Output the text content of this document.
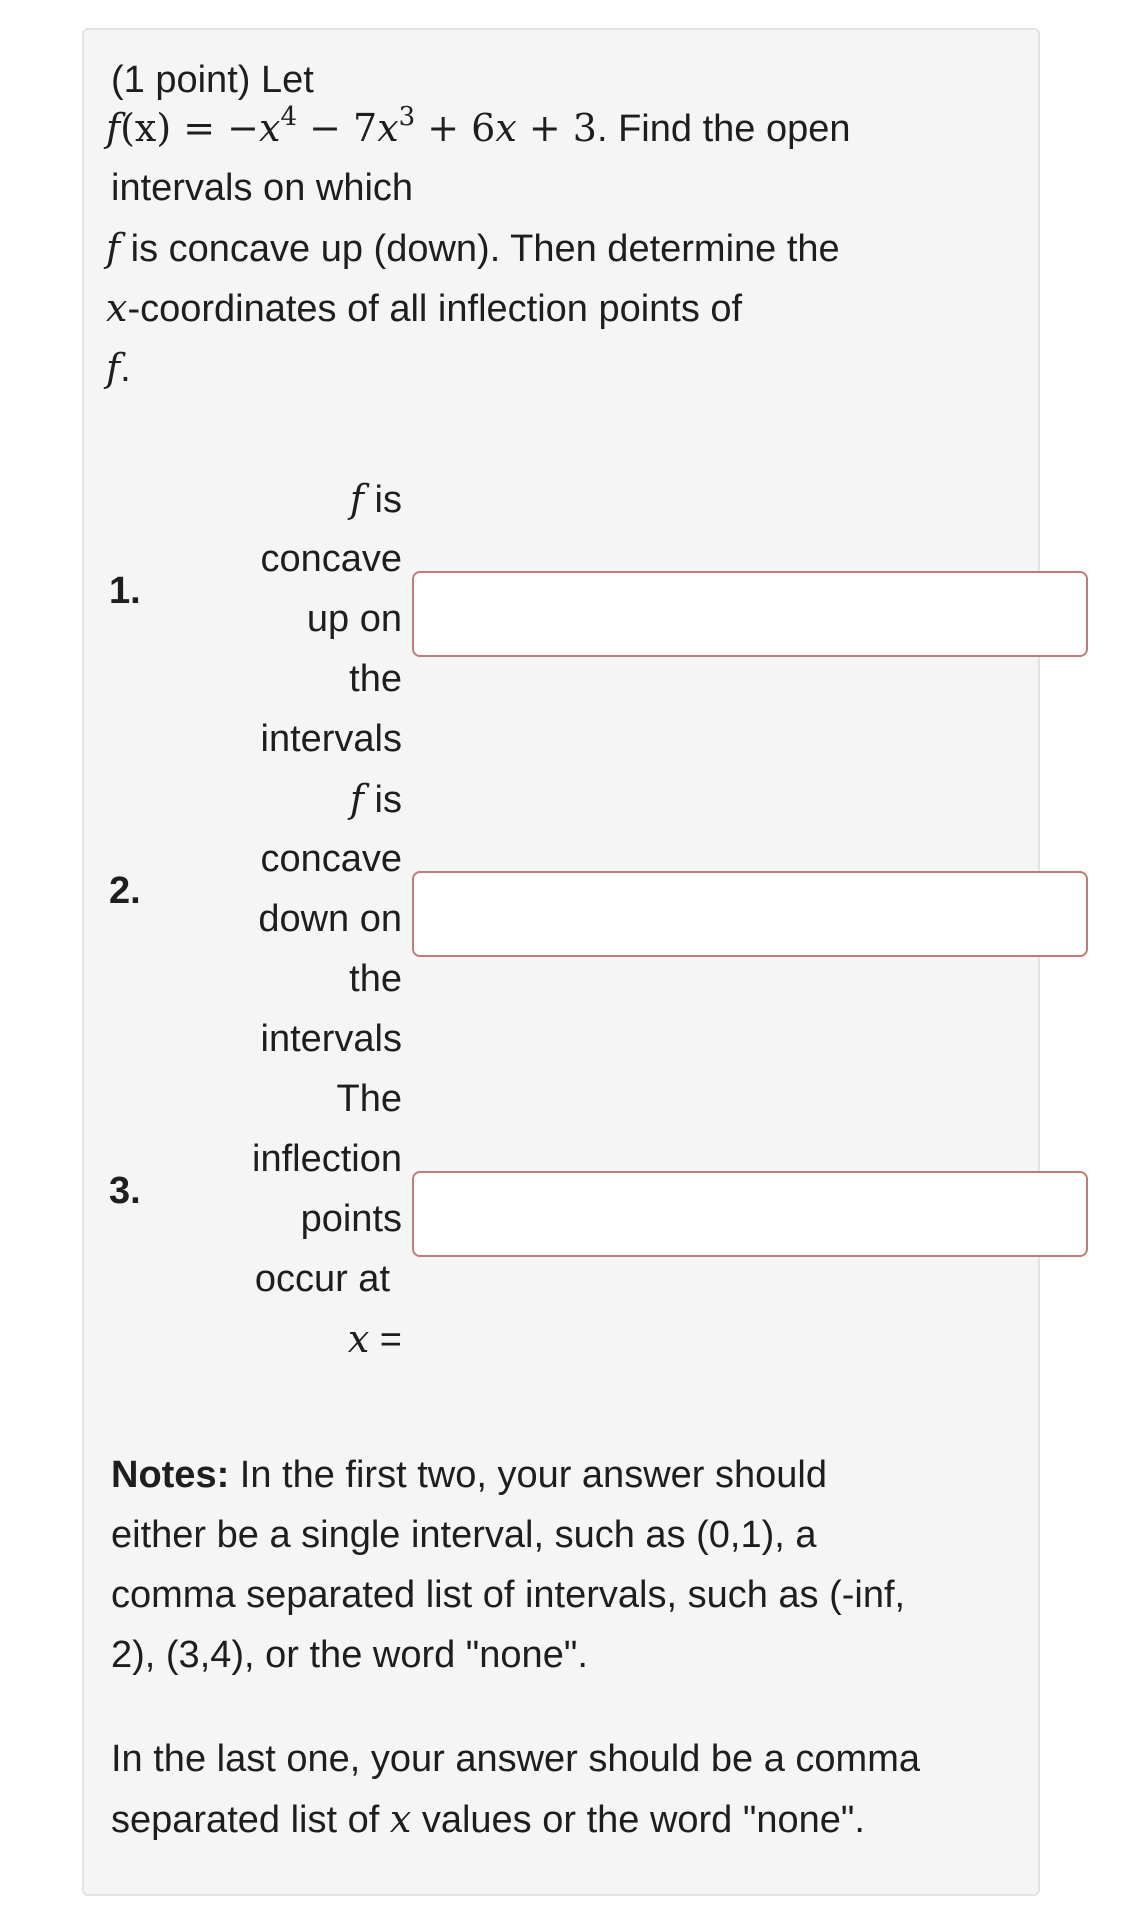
(1 point) Let
$f(x) = -x^4 - 7x^3 + 6x + 3$. Find the open
intervals on which
f is concave up (down). Then determine the
x-coordinates of all inflection points of
f.
1.
f is
concave
up on
the
intervals
2.
f is
concave
down on
the
intervals
3.
The
inflection
points
occur at
x =
Notes: In the first two, your answer should
either be a single interval, such as (0,1), a
comma separated list of intervals, such as (-inf,
2), (3,4), or the word "none".
In the last one, your answer should be a comma
separated list of x values or the word "none".
